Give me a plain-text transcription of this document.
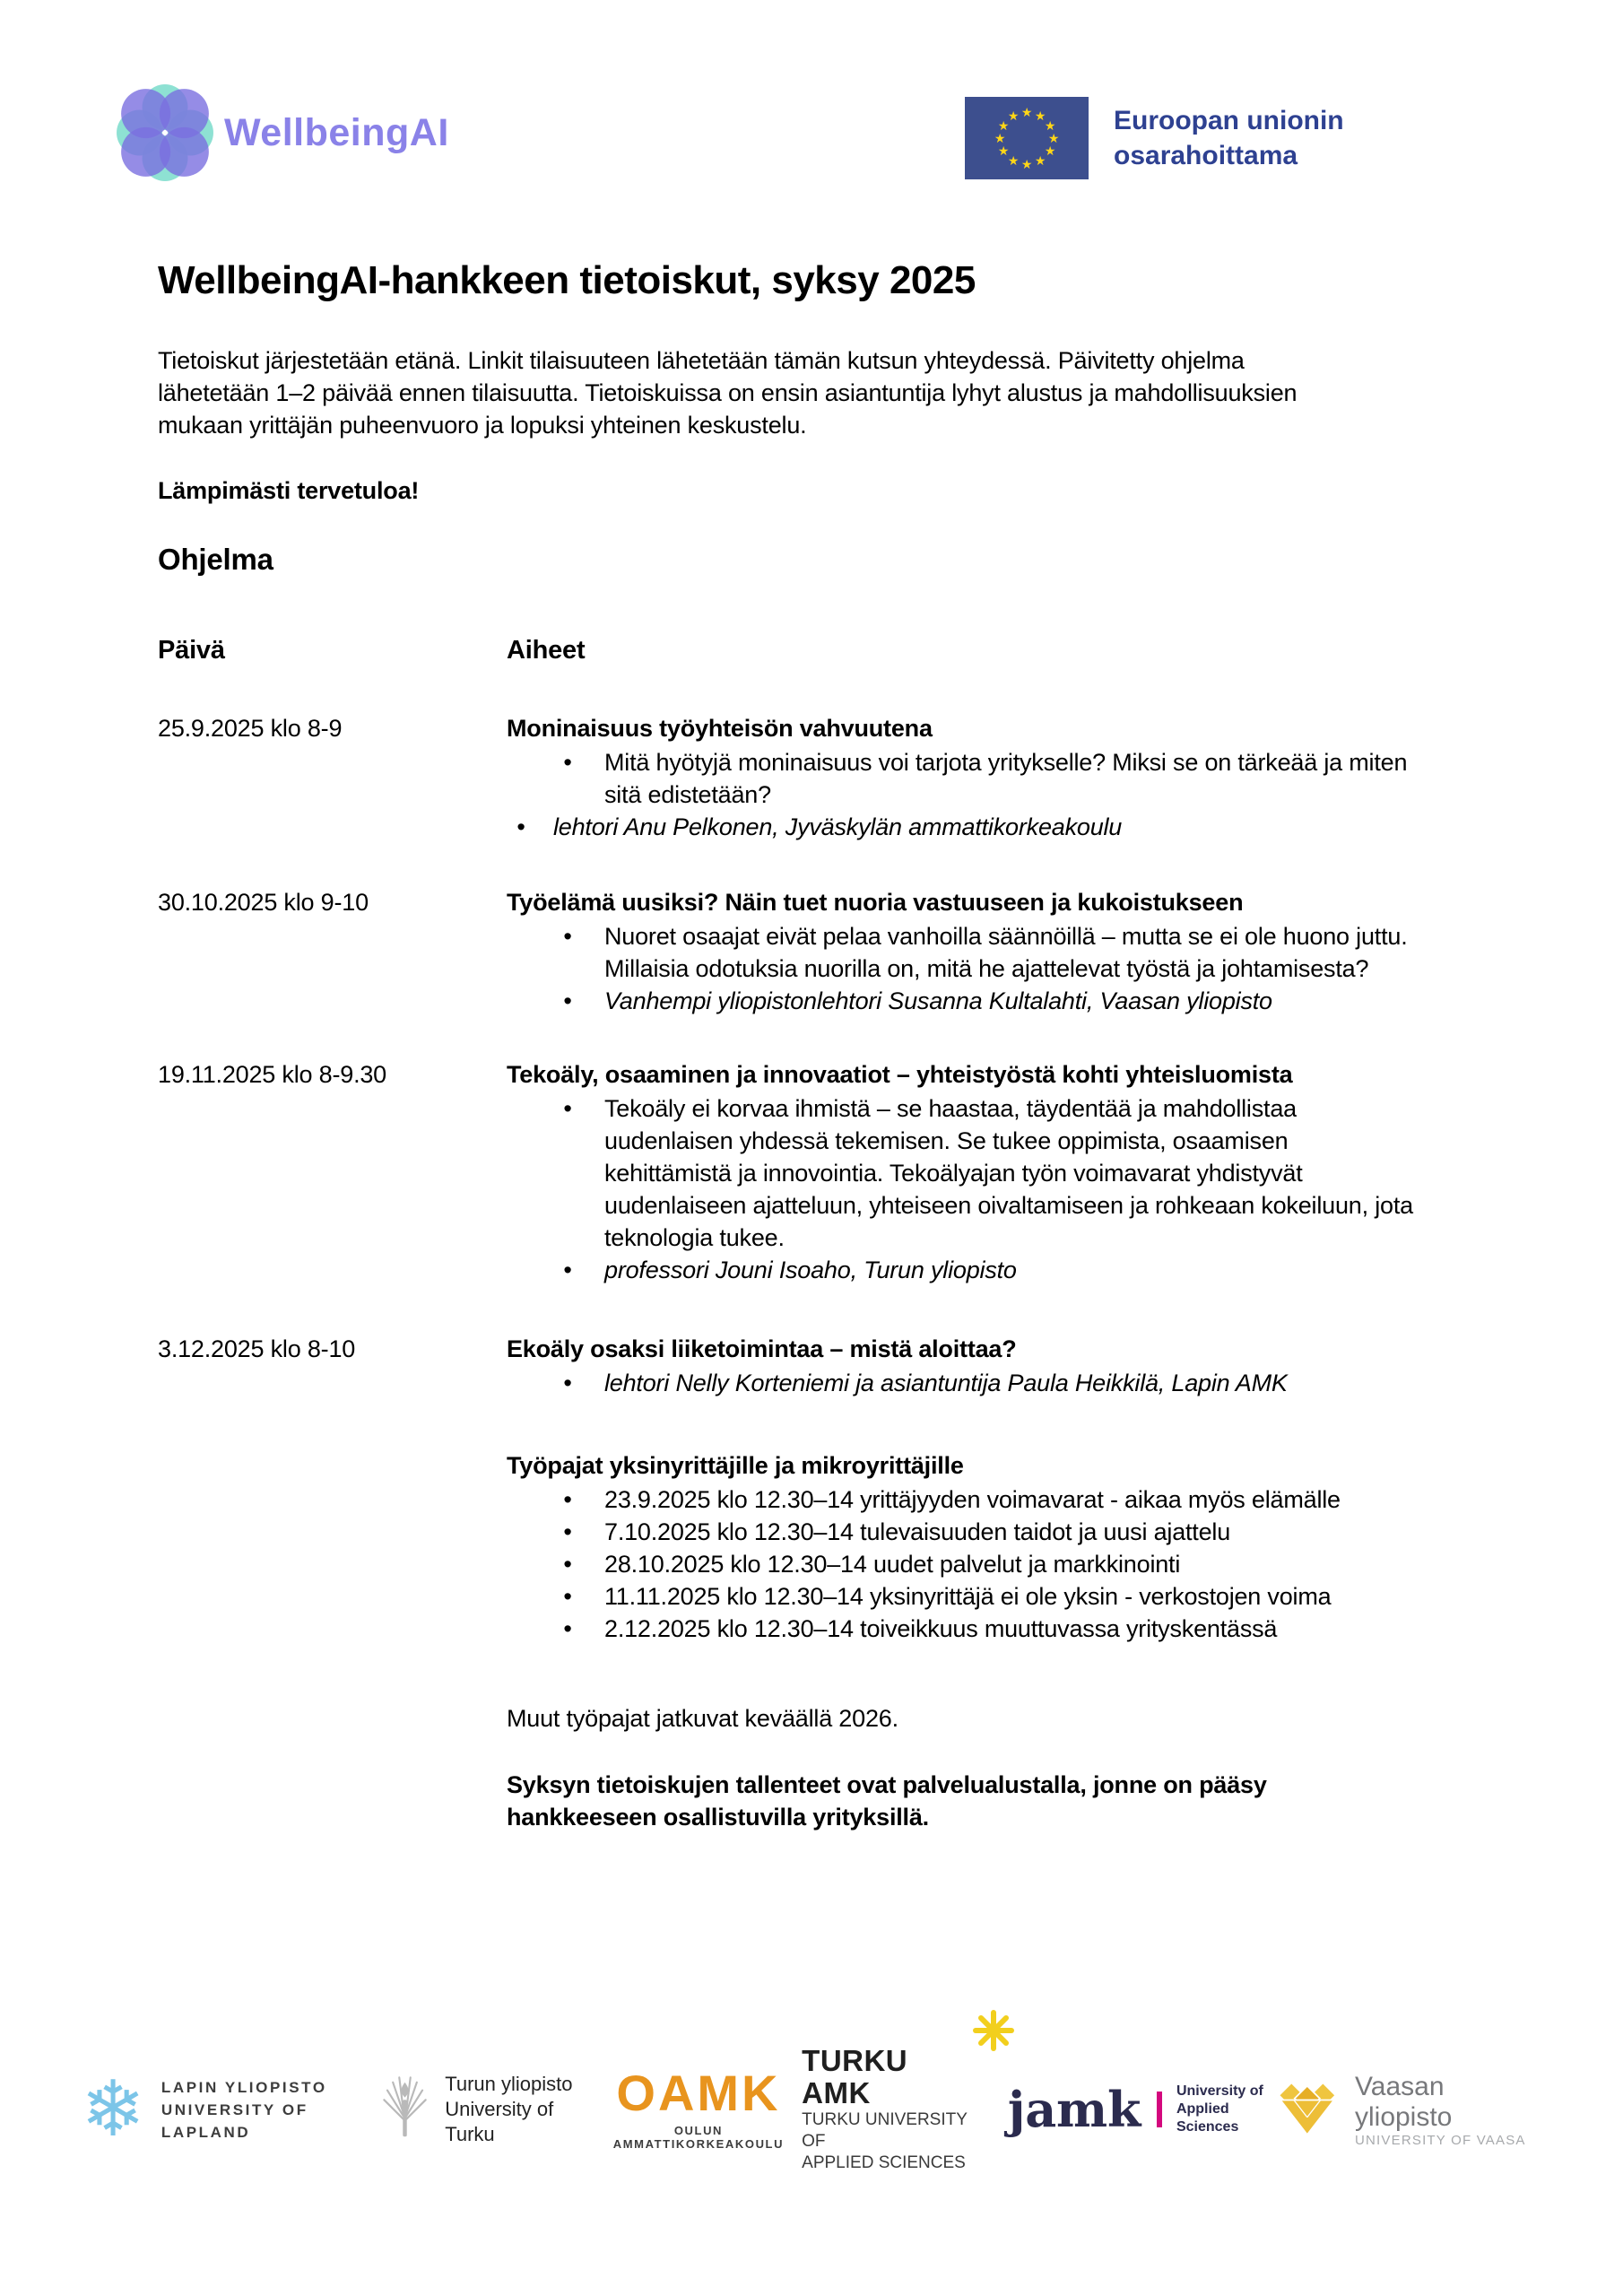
WellbeingAI	★ ★
★
★
★
★
★
★
★
★
★
★	Euroopan unionin
osarahoittama
WellbeingAI-hankkeen tietoiskut, syksy 2025

Tietoiskut järjestetään etänä. Linkit tilaisuuteen lähetetään tämän kutsun yhteydessä. Päivitetty ohjelma lähetetään 1–2 päivää ennen tilaisuutta. Tietoiskuissa on ensin asiantuntija lyhyt alustus ja mahdollisuuksien mukaan yrittäjän puheenvuoro ja lopuksi yhteinen keskustelu.

Lämpimästi tervetuloa!

Ohjelma
Päivä	Aiheet
25.9.2025 klo 8-9	Moninaisuus työyhteisön vahvuutena
• Mitä hyötyjä moninaisuus voi tarjota yritykselle? Miksi se on tärkeää ja miten sitä edistetään?
• lehtori Anu Pelkonen, Jyväskylän ammattikorkeakoulu
30.10.2025 klo 9-10	Työelämä uusiksi? Näin tuet nuoria vastuuseen ja kukoistukseen
• Nuoret osaajat eivät pelaa vanhoilla säännöillä – mutta se ei ole huono juttu. Millaisia odotuksia nuorilla on, mitä he ajattelevat työstä ja johtamisesta?
• Vanhempi yliopistonlehtori Susanna Kultalahti, Vaasan yliopisto
19.11.2025 klo 8-9.30	Tekoäly, osaaminen ja innovaatiot – yhteistyöstä kohti yhteisluomista
• Tekoäly ei korvaa ihmistä – se haastaa, täydentää ja mahdollistaa uudenlaisen yhdessä tekemisen. Se tukee oppimista, osaamisen kehittämistä ja innovointia. Tekoälyajan työn voimavarat yhdistyvät uudenlaiseen ajatteluun, yhteiseen oivaltamiseen ja rohkeaan kokeiluun, jota teknologia tukee.
• professori Jouni Isoaho, Turun yliopisto
3.12.2025 klo 8-10	Ekoäly osaksi liiketoimintaa – mistä aloittaa?
• lehtori Nelly Korteniemi ja asiantuntija Paula Heikkilä, Lapin AMK
Työpajat yksinyrittäjille ja mikroyrittäjille
• 23.9.2025 klo 12.30–14 yrittäjyyden voimavarat - aikaa myös elämälle
• 7.10.2025 klo 12.30–14 tulevaisuuden taidot ja uusi ajattelu
• 28.10.2025 klo 12.30–14 uudet palvelut ja markkinointi
• 11.11.2025 klo 12.30–14 yksinyrittäjä ei ole yksin - verkostojen voima
• 2.12.2025 klo 12.30–14 toiveikkuus muuttuvassa yrityskentässä
Muut työpajat jatkuvat keväällä 2026.
Syksyn tietoiskujen tallenteet ovat palvelualustalla, jonne on pääsy hankkeeseen osallistuvilla yrityksillä.
❄ LAPIN YLIOPISTO
UNIVERSITY OF LAPLAND
Turun yliopisto
University of Turku
OAMK
OULUN AMMATTIKORKEAKOULU
TURKU AMK
TURKU UNIVERSITY OF
APPLIED SCIENCES
jamk University of
Applied Sciences
Vaasan yliopisto
UNIVERSITY OF VAASA
